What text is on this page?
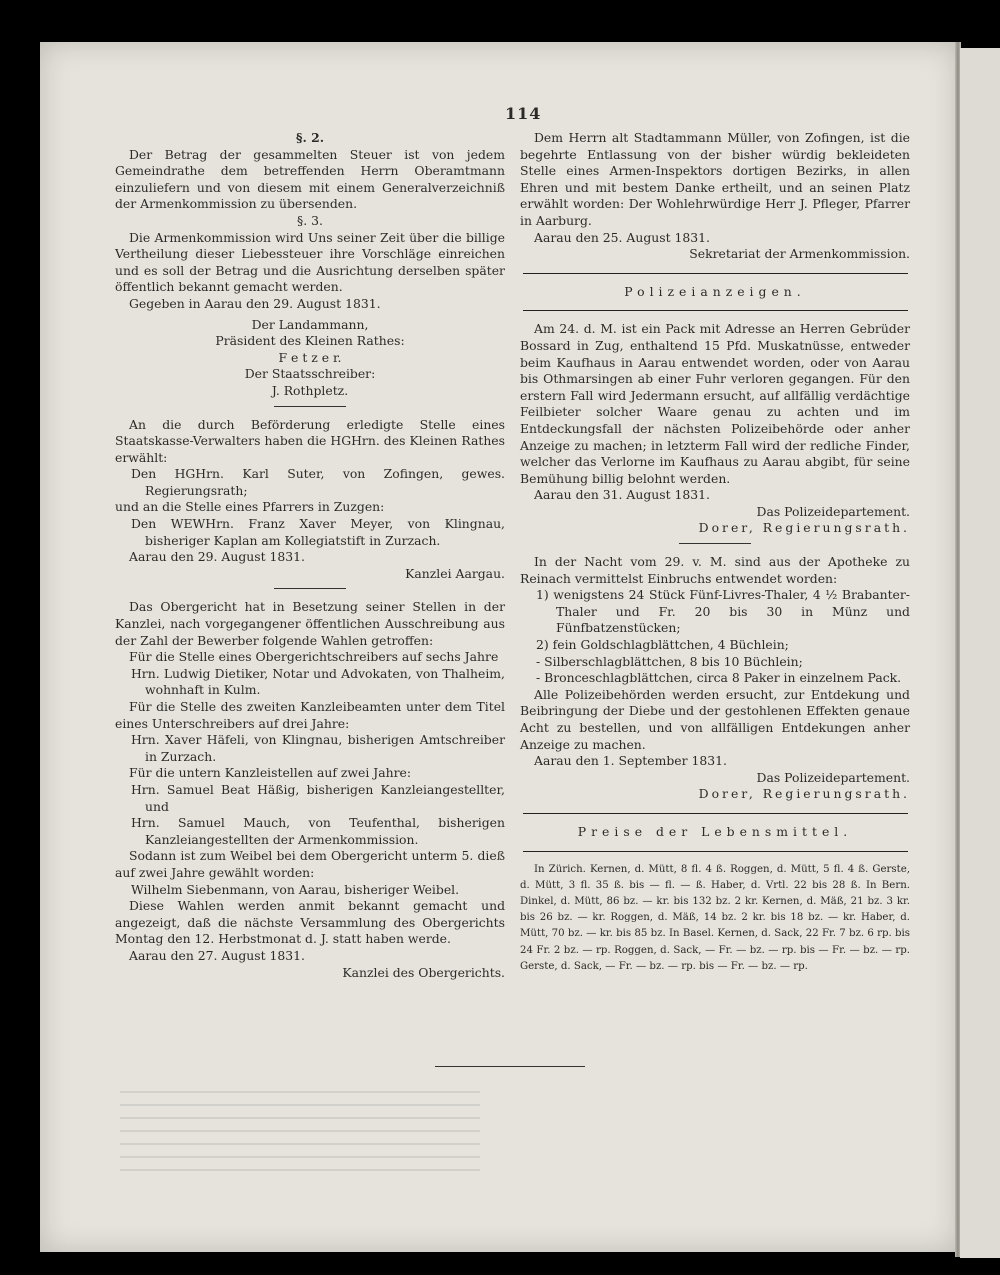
114

§. 2.

Der Betrag der gesammelten Steuer ist von jedem Gemeindrathe dem betreffenden Herrn Oberamtmann einzuliefern und von diesem mit einem Generalverzeichniß der Armenkommission zu übersenden.

§. 3.

Die Armenkommission wird Uns seiner Zeit über die billige Vertheilung dieser Liebessteuer ihre Vorschläge einreichen und es soll der Betrag und die Ausrichtung derselben später öffentlich bekannt gemacht werden.

Gegeben in Aarau den 29. August 1831.

Der Landammann,

Präsident des Kleinen Rathes:

F e t z e r.

Der Staatsschreiber:

J. Rothpletz.

An die durch Beförderung erledigte Stelle eines Staatskasse-Verwalters haben die HGHrn. des Kleinen Rathes erwählt:

Den HGHrn. Karl Suter, von Zofingen, gewes. Regierungsrath;

und an die Stelle eines Pfarrers in Zuzgen:

Den WEWHrn. Franz Xaver Meyer, von Klingnau, bisheriger Kaplan am Kollegiatstift in Zurzach.

Aarau den 29. August 1831.

Kanzlei Aargau.

Das Obergericht hat in Besetzung seiner Stellen in der Kanzlei, nach vorgegangener öffentlichen Ausschreibung aus der Zahl der Bewerber folgende Wahlen getroffen:

Für die Stelle eines Obergerichtschreibers auf sechs Jahre

Hrn. Ludwig Dietiker, Notar und Advokaten, von Thalheim, wohnhaft in Kulm.

Für die Stelle des zweiten Kanzleibeamten unter dem Titel eines Unterschreibers auf drei Jahre:

Hrn. Xaver Häfeli, von Klingnau, bisherigen Amtschreiber in Zurzach.

Für die untern Kanzleistellen auf zwei Jahre:

Hrn. Samuel Beat Häßig, bisherigen Kanzleiangestellter, und

Hrn. Samuel Mauch, von Teufenthal, bisherigen Kanzleiangestellten der Armenkommission.

Sodann ist zum Weibel bei dem Obergericht unterm 5. dieß auf zwei Jahre gewählt worden:

Wilhelm Siebenmann, von Aarau, bisheriger Weibel.

Diese Wahlen werden anmit bekannt gemacht und angezeigt, daß die nächste Versammlung des Obergerichts Montag den 12. Herbstmonat d. J. statt haben werde.

Aarau den 27. August 1831.

Kanzlei des Obergerichts.

Dem Herrn alt Stadtammann Müller, von Zofingen, ist die begehrte Entlassung von der bisher würdig bekleideten Stelle eines Armen-Inspektors dortigen Bezirks, in allen Ehren und mit bestem Danke ertheilt, und an seinen Platz erwählt worden: Der Wohlehrwürdige Herr J. Pfleger, Pfarrer in Aarburg.

Aarau den 25. August 1831.

Sekretariat der Armenkommission.

Polizeianzeigen.

Am 24. d. M. ist ein Pack mit Adresse an Herren Gebrüder Bossard in Zug, enthaltend 15 Pfd. Muskatnüsse, entweder beim Kaufhaus in Aarau entwendet worden, oder von Aarau bis Othmarsingen ab einer Fuhr verloren gegangen. Für den erstern Fall wird Jedermann ersucht, auf allfällig verdächtige Feilbieter solcher Waare genau zu achten und im Entdeckungsfall der nächsten Polizeibehörde oder anher Anzeige zu machen; in letzterm Fall wird der redliche Finder, welcher das Verlorne im Kaufhaus zu Aarau abgibt, für seine Bemühung billig belohnt werden.

Aarau den 31. August 1831.

Das Polizeidepartement.

Dorer, Regierungsrath.

In der Nacht vom 29. v. M. sind aus der Apotheke zu Reinach vermittelst Einbruchs entwendet worden:

1) wenigstens 24 Stück Fünf-Livres-Thaler, 4 ½ Brabanter-Thaler und Fr. 20 bis 30 in Münz und Fünfbatzenstücken;

2) fein Goldschlagblättchen, 4 Büchlein;

- Silberschlagblättchen, 8 bis 10 Büchlein;

- Bronceschlagblättchen, circa 8 Paker in einzelnem Pack.

Alle Polizeibehörden werden ersucht, zur Entdekung und Beibringung der Diebe und der gestohlenen Effekten genaue Acht zu bestellen, und von allfälligen Entdekungen anher Anzeige zu machen.

Aarau den 1. September 1831.

Das Polizeidepartement.

Dorer, Regierungsrath.

Preise der Lebensmittel.

In Zürich. Kernen, d. Mütt, 8 fl. 4 ß. Roggen, d. Mütt, 5 fl. 4 ß. Gerste, d. Mütt, 3 fl. 35 ß. bis — fl. — ß. Haber, d. Vrtl. 22 bis 28 ß. In Bern. Dinkel, d. Mütt, 86 bz. — kr. bis 132 bz. 2 kr. Kernen, d. Mäß, 21 bz. 3 kr. bis 26 bz. — kr. Roggen, d. Mäß, 14 bz. 2 kr. bis 18 bz. — kr. Haber, d. Mütt, 70 bz. — kr. bis 85 bz. In Basel. Kernen, d. Sack, 22 Fr. 7 bz. 6 rp. bis 24 Fr. 2 bz. — rp. Roggen, d. Sack, — Fr. — bz. — rp. bis — Fr. — bz. — rp. Gerste, d. Sack, — Fr. — bz. — rp. bis — Fr. — bz. — rp.
